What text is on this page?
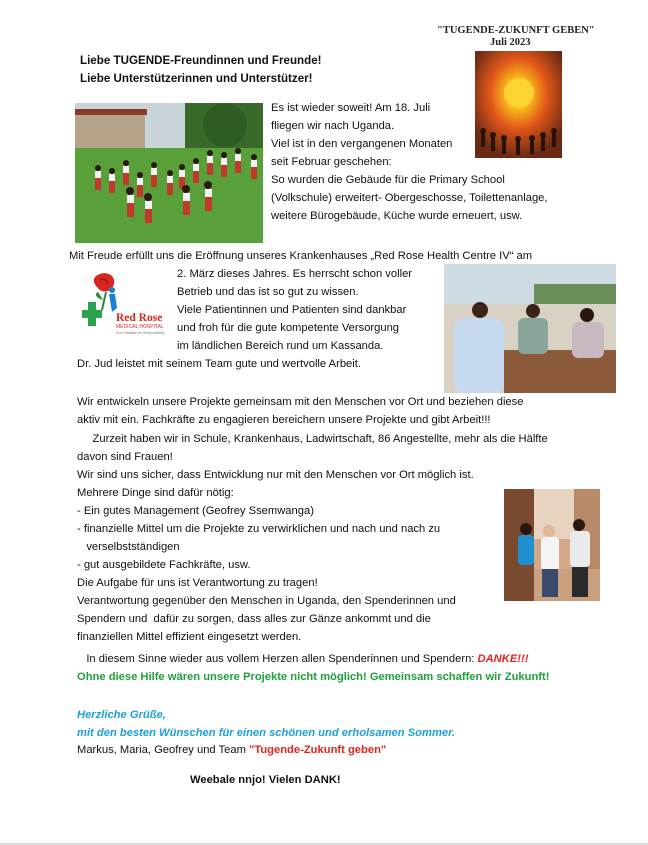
"TUGENDE-ZUKUNFT GEBEN"
Juli 2023
Liebe TUGENDE-Freundinnen und Freunde!
Liebe Unterstützerinnen und Unterstützer!
Es ist wieder soweit! Am 18. Juli
fliegen wir nach Uganda.
Viel ist in den vergangenen Monaten
seit Februar geschehen:
So wurden die Gebäude für die Primary School
(Volkschule) erweitert- Obergeschosse, Toilettenanlage,
weitere Bürogebäude, Küche wurde erneuert, usw.
Mit Freude erfüllt uns die Eröffnung unseres Krankenhauses „Red Rose Health Centre IV“ am
2. März dieses Jahres. Es herrscht schon voller
Betrieb und das ist so gut zu wissen.
Viele Patientinnen und Patienten sind dankbar
und froh für die gute kompetente Versorgung
im ländlichen Bereich rund um Kassanda.
Dr. Jud leistet mit seinem Team gute und wertvolle Arbeit.
Red Rose
MEDICAL HOSPITAL
Ever Reliable for Responsibility
Wir entwickeln unsere Projekte gemeinsam mit den Menschen vor Ort und beziehen diese
aktiv mit ein. Fachkräfte zu engagieren bereichern unsere Projekte und gibt Arbeit!!!
Zurzeit haben wir in Schule, Krankenhaus, Ladwirtschaft, 86 Angestellte, mehr als die Hälfte
davon sind Frauen!
Wir sind uns sicher, dass Entwicklung nur mit den Menschen vor Ort möglich ist.
Mehrere Dinge sind dafür nötig:
- Ein gutes Management (Geofrey Ssemwanga)
- finanzielle Mittel um die Projekte zu verwirklichen und nach und nach zu
verselbstständigen
- gut ausgebildete Fachkräfte, usw.
Die Aufgabe für uns ist Verantwortung zu tragen!
Verantwortung gegenüber den Menschen in Uganda, den Spenderinnen und
Spendern und  dafür zu sorgen, dass alles zur Gänze ankommt und die
finanziellen Mittel effizient eingesetzt werden.
In diesem Sinne wieder aus vollem Herzen allen Spenderinnen und Spendern: DANKE!!!
Ohne diese Hilfe wären unsere Projekte nicht möglich! Gemeinsam schaffen wir Zukunft!
Herzliche Grüße,
mit den besten Wünschen für einen schönen und erholsamen Sommer.
Markus, Maria, Geofrey und Team "Tugende-Zukunft geben"
Weebale nnjo! Vielen DANK!
